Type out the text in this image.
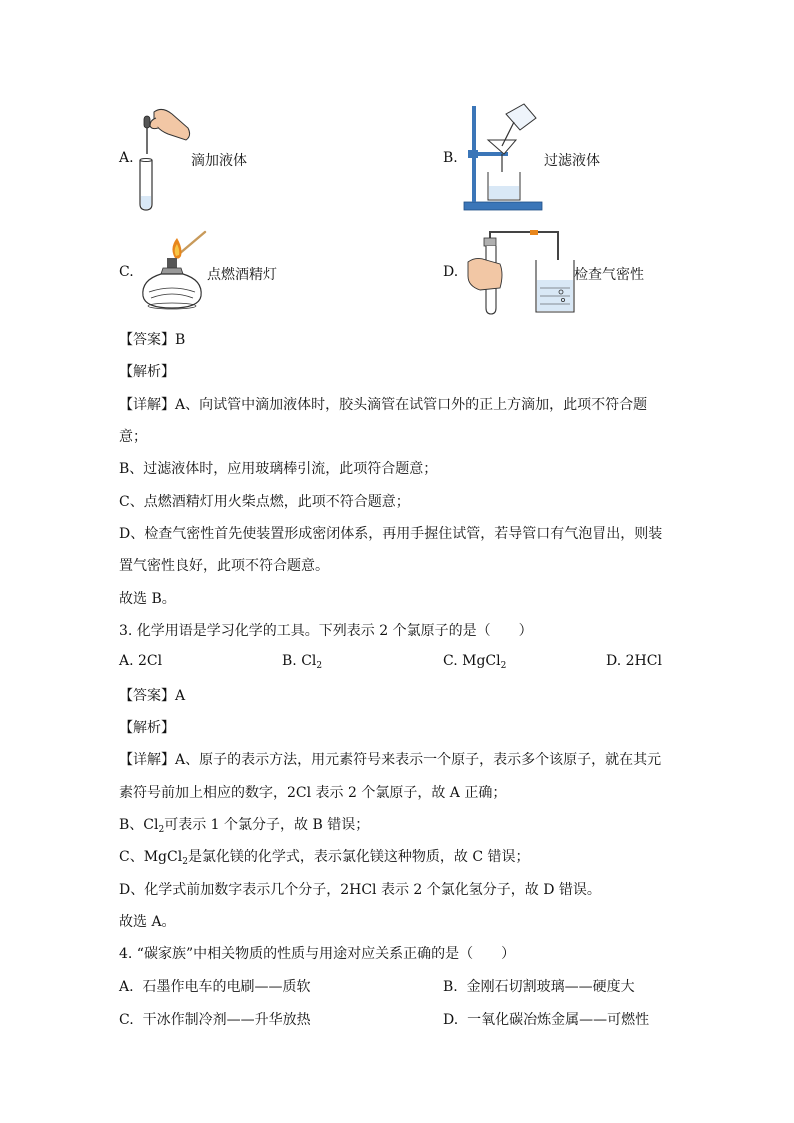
A.	滴加液体	B.	过滤液体
C.	点燃酒精灯	D.	检查气密性
【答案】B
【解析】
【详解】A、向试管中滴加液体时，胶头滴管在试管口外的正上方滴加，此项不符合题
意；
B、过滤液体时，应用玻璃棒引流，此项符合题意；
C、点燃酒精灯用火柴点燃，此项不符合题意；
D、检查气密性首先使装置形成密闭体系，再用手握住试管，若导管口有气泡冒出，则装
置气密性良好，此项不符合题意。
故选 B。
3. 化学用语是学习化学的工具。下列表示 2 个氯原子的是（　　）
A. 2Cl	B. $Cl_2$	C. MgCl$_2$	D. 2HCl
【答案】A
【解析】
【详解】A、原子的表示方法，用元素符号来表示一个原子，表示多个该原子，就在其元
素符号前加上相应的数字，2Cl 表示 2 个氯原子，故 A 正确；
B、$Cl_2$可表示 1 个氯分子，故 B 错误；
C、MgCl$_2$是氯化镁的化学式，表示氯化镁这种物质，故 C 错误；
D、化学式前加数字表示几个分子，2HCl 表示 2 个氯化氢分子，故 D 错误。
故选 A。
4. “碳家族”中相关物质的性质与用途对应关系正确的是（　　）
A. 石墨作电车的电刷——质软	B. 金刚石切割玻璃——硬度大
C. 干冰作制冷剂——升华放热	D. 一氧化碳冶炼金属——可燃性
